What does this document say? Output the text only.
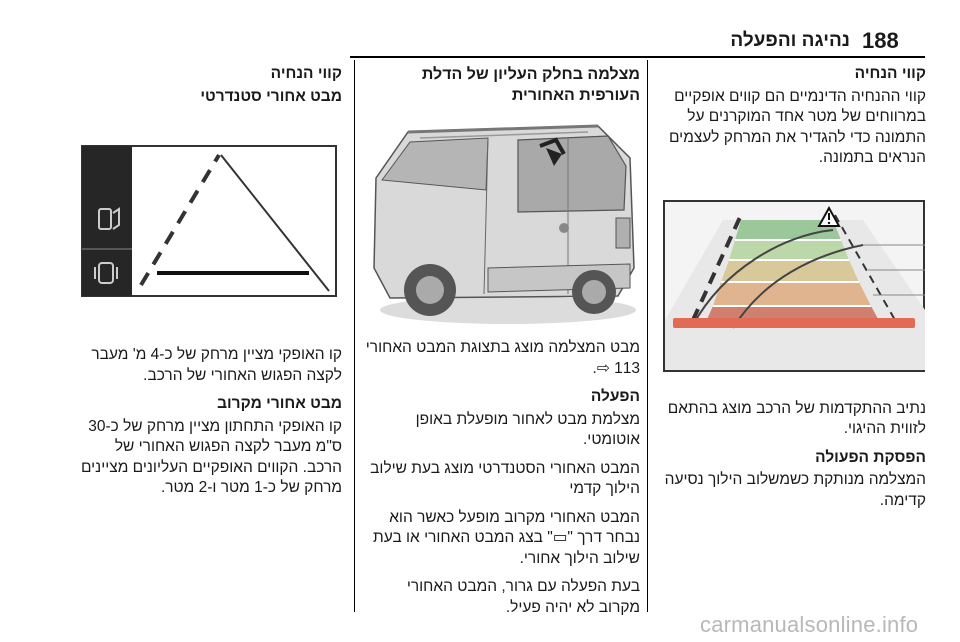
188
נהיגה והפעלה
קווי הנחיה

קווי ההנחיה הדינמיים הם קווים אופקיים במרווחים של מטר אחד המוקרנים על התמונה כדי להגדיר את המרחק לעצמים הנראים בתמונה.

נתיב ההתקדמות של הרכב מוצג בהתאם לזווית ההיגוי.

הפסקת הפעולה

המצלמה מנותקת כשמשלוב הילוך נסיעה קדימה.

מצלמה בחלק העליון של הדלת העורפית האחורית

מבט המצלמה מוצג בתצוגת המבט האחורי 113 ⇨.

הפעלה

מצלמת מבט לאחור מופעלת באופן אוטומטי.

המבט האחורי הסטנדרטי מוצג בעת שילוב הילוך קדמי

המבט האחורי מקרוב מופעל כאשר הוא נבחר דרך "▭" בצג המבט האחורי או בעת שילוב הילוך אחורי.

בעת הפעלה עם גרור, המבט האחורי מקרוב לא יהיה פעיל.

קווי הנחיה
מבט אחורי סטנדרטי

קו האופקי מציין מרחק של כ-4 מ' מעבר לקצה הפגוש האחורי של הרכב.

מבט אחורי מקרוב

קו האופקי התחתון מציין מרחק של כ-30 ס"מ מעבר לקצה הפגוש האחורי של הרכב. הקווים האופקיים העליונים מציינים מרחק של כ-1 מטר ו-2 מטר.

carmanualsonline.info
